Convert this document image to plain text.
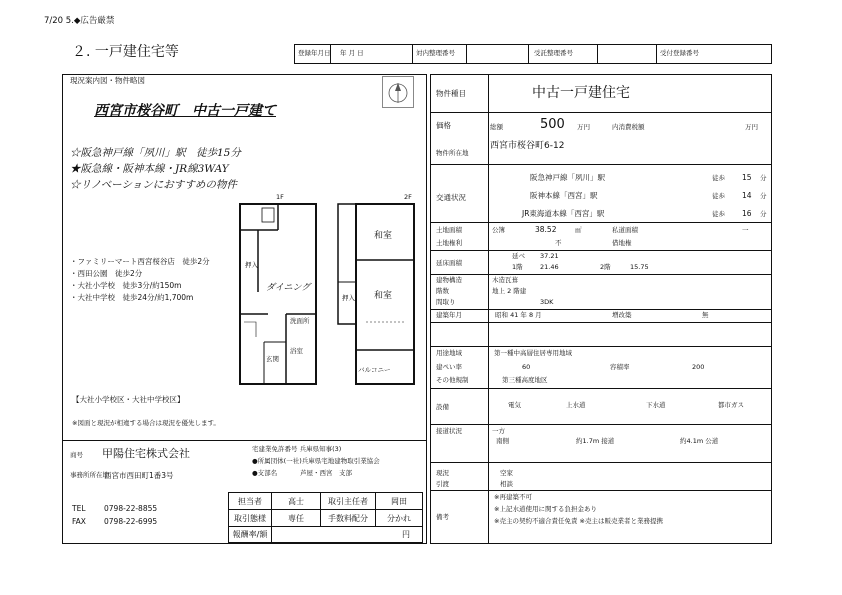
7/20 5.◆広告厳禁
２. 一戸建住宅等	登録年月日 年 月 日	対内整理番号	受託整理番号	受付登録番号
現況案内図・物件略図
西宮市桜谷町　中古一戸建て
☆阪急神戸線「夙川」駅　徒歩15分
★阪急線・阪神本線・JR線3WAY
☆リノベーションにおすすめの物件
・ファミリーマート西宮桜谷店　徒歩2分
・西田公園　徒歩2分
・大社小学校　徒歩3分/約150m
・大社中学校　徒歩24分/約1,700m
1F
押入
ダイニング
洗面所
玄関
浴室
2F
和室
和室
押入
バルコニー
【大社小学校区・大社中学校区】
※図面と現況が相違する場合は現況を優先します。
商号 甲陽住宅株式会社
事務所所在地
西宮市西田町1番3号
TEL 0798-22-8855
FAX 0798-22-6995
宅建業免許番号 兵庫県知事(3)
●所属団体(一社)兵庫県宅地建物取引業協会
●支部名	芦屋・西宮　支部
担当者	高士	取引主任者	岡田
取引態様	専任	手数料配分	分かれ
報酬率/額	円
物件種目	中古一戸建住宅
価格	総額	500 万円	内消費税額	万円
物件所在地
西宮市桜谷町6-12
交通状況
阪急神戸線「夙川」駅	徒歩 15 分
阪神本線「西宮」駅	徒歩 14 分
JR東海道本線「西宮」駅	徒歩 16 分
土地面積	公簿	38.52	㎡	私道面積	一
土地権利	不	借地権
延床面積
延べ 37.21
1階	21.46	2階	15.75
建物構造	木造瓦葺
階数	地上 2 階建
間取り	3DK
建築年月	昭和 41 年 8 月	増改築	無
用途地域	第一種中高層住居専用地域
建ぺい率	60	容積率	200
その他規制	第三種高度地区
設備	電気	上水道	下水道	都市ガス
接道状況	一方
南側	約1.7m 接道	約4.1m 公道
現況	空家
引渡	相談
備考
※再建築不可
※上記水道使用に関する負担金あり
※売主の契約不適合責任免責 ※売主は販売業者と業務提携
